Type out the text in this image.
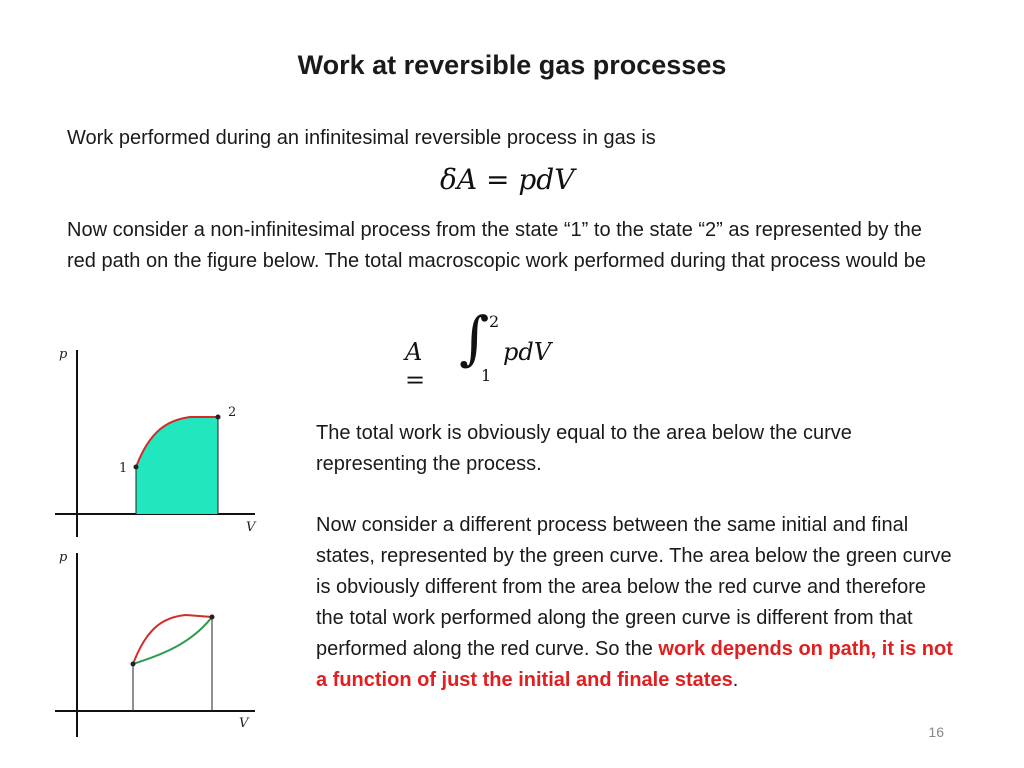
Work at reversible gas processes
Work performed during an infinitesimal reversible process in gas is
δA = pdV
Now consider a non-infinitesimal process from the state “1” to the state “2” as represented by the red path on the figure below. The total macroscopic work performed during that process would be
A =
∫ 2
1
pdV
p
V
1
2
p
V
The total work is obviously equal to the area below the curve representing the process.
Now consider a different process between the same initial and final states, represented by the green curve. The area below the green curve is obviously different from the area below the red curve and therefore the total work performed along the green curve is different from that performed along the red curve. So the work depends on path, it is not a function of just the initial and finale states.
16
